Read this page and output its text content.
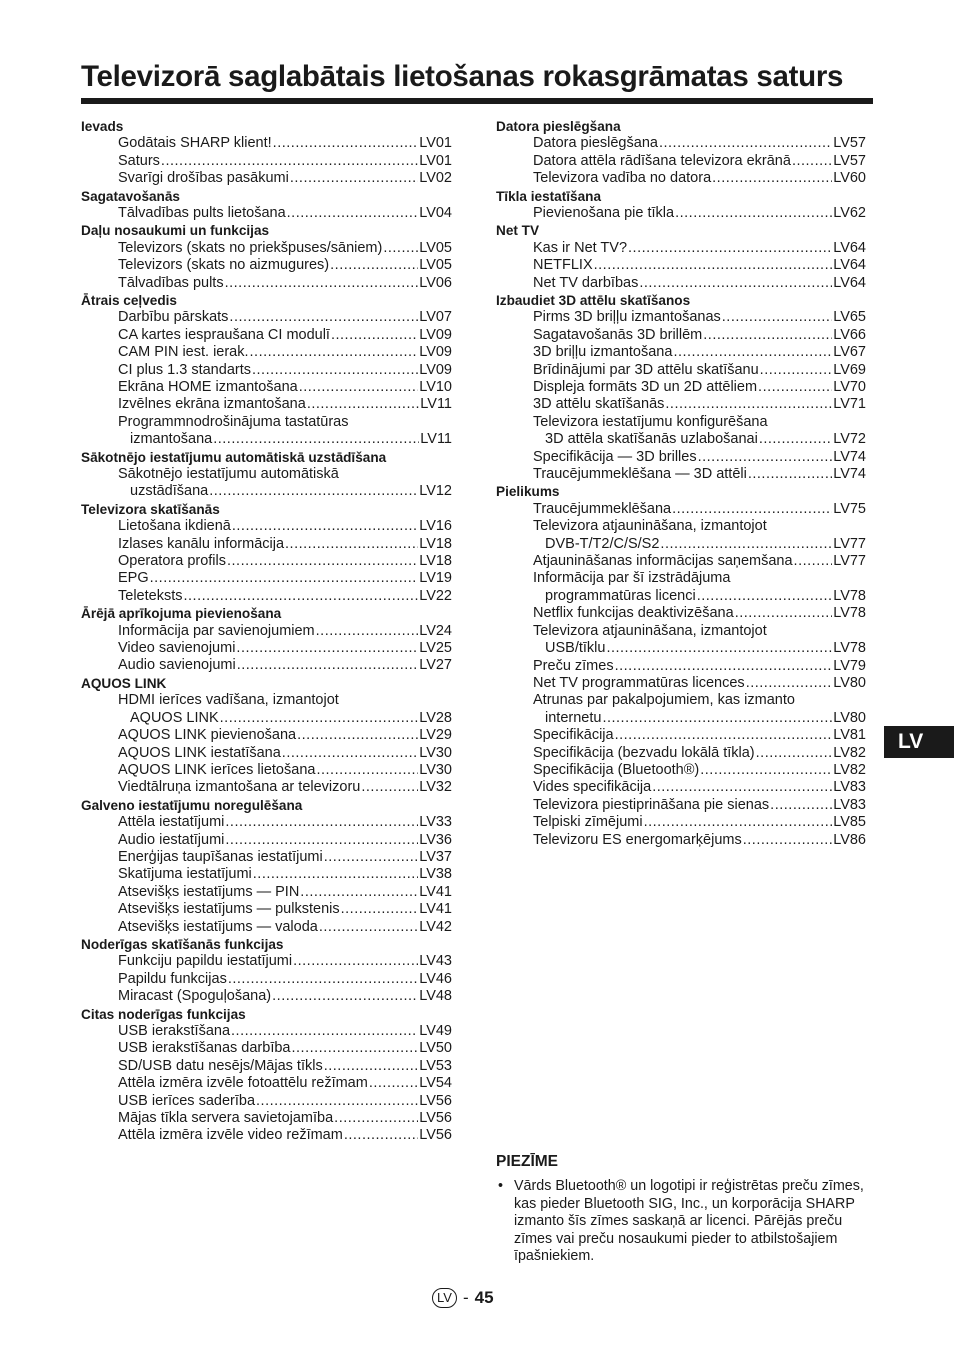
Televizorā saglabātais lietošanas rokasgrāmatas saturs
Ievads
Godātais SHARP klient! .....	LV01
Saturs .....	LV01
Svarīgi drošības pasākumi .....	LV02
Sagatavošanās
Tālvadības pults lietošana .....	LV04
Daļu nosaukumi un funkcijas
Televizors (skats no priekšpuses/sāniem) .....	LV05
Televizors (skats no aizmugures) .....	LV05
Tālvadības pults .....	LV06
Ātrais ceļvedis
Darbību pārskats .....	LV07
CA kartes iespraušana CI modulī .....	LV09
CAM PIN iest. ierak. .....	LV09
CI plus 1.3 standarts .....	LV09
Ekrāna HOME izmantošana .....	LV10
Izvēlnes ekrāna izmantošana .....	LV11
Programmnodrošinājuma tastatūras
izmantošana .....	LV11
Sākotnējo iestatījumu automātiskā uzstādīšana
Sākotnējo iestatījumu automātiskā
uzstādīšana .....	LV12
Televizora skatīšanās
Lietošana ikdienā .....	LV16
Izlases kanālu informācija .....	LV18
Operatora profils .....	LV18
EPG .....	LV19
Teleteksts .....	LV22
Ārējā aprīkojuma pievienošana
Informācija par savienojumiem .....	LV24
Video savienojumi .....	LV25
Audio savienojumi .....	LV27
AQUOS LINK
HDMI ierīces vadīšana, izmantojot
AQUOS LINK .....	LV28
AQUOS LINK pievienošana .....	LV29
AQUOS LINK iestatīšana .....	LV30
AQUOS LINK ierīces lietošana .....	LV30
Viedtālruņa izmantošana ar televizoru .....	LV32
Galveno iestatījumu noregulēšana
Attēla iestatījumi .....	LV33
Audio iestatījumi .....	LV36
Enerģijas taupīšanas iestatījumi .....	LV37
Skatījuma iestatījumi .....	LV38
Atsevišķs iestatījums — PIN .....	LV41
Atsevišķs iestatījums — pulkstenis .....	LV41
Atsevišķs iestatījums — valoda .....	LV42
Noderīgas skatīšanās funkcijas
Funkciju papildu iestatījumi .....	LV43
Papildu funkcijas .....	LV46
Miracast (Spoguļošana) .....	LV48
Citas noderīgas funkcijas
USB ierakstīšana .....	LV49
USB ierakstīšanas darbība .....	LV50
SD/USB datu nesējs/Mājas tīkls .....	LV53
Attēla izmēra izvēle fotoattēlu režīmam .....	LV54
USB ierīces saderība .....	LV56
Mājas tīkla servera savietojamība .....	LV56
Attēla izmēra izvēle video režīmam .....	LV56
Datora pieslēgšana
Datora pieslēgšana .....	LV57
Datora attēla rādīšana televizora ekrānā .....	LV57
Televizora vadība no datora .....	LV60
Tīkla iestatīšana
Pievienošana pie tīkla .....	LV62
Net TV
Kas ir Net TV? .....	LV64
NETFLIX .....	LV64
Net TV darbības .....	LV64
Izbaudiet 3D attēlu skatīšanos
Pirms 3D briļļu izmantošanas .....	LV65
Sagatavošanās 3D brillēm .....	LV66
3D briļļu izmantošana .....	LV67
Brīdinājumi par 3D attēlu skatīšanu .....	LV69
Displeja formāts 3D un 2D attēliem .....	LV70
3D attēlu skatīšanās .....	LV71
Televizora iestatījumu konfigurēšana
3D attēla skatīšanās uzlabošanai .....	LV72
Specifikācija — 3D brilles .....	LV74
Traucējummeklēšana — 3D attēli .....	LV74
Pielikums
Traucējummeklēšana .....	LV75
Televizora atjaunināšana, izmantojot
DVB-T/T2/C/S/S2 .....	LV77
Atjaunināšanas informācijas saņemšana .....	LV77
Informācija par šī izstrādājuma
programmatūras licenci .....	LV78
Netflix funkcijas deaktivizēšana .....	LV78
Televizora atjaunināšana, izmantojot
USB/tīklu .....	LV78
Preču zīmes .....	LV79
Net TV programmatūras licences .....	LV80
Atrunas par pakalpojumiem, kas izmanto
internetu .....	LV80
Specifikācija .....	LV81
Specifikācija (bezvadu lokālā tīkla) .....	LV82
Specifikācija (Bluetooth®) .....	LV82
Vides specifikācija .....	LV83
Televizora piestiprināšana pie sienas .....	LV83
Telpiski zīmējumi .....	LV85
Televizoru ES energomarķējums .....	LV86
LV
PIEZĪME
• Vārds Bluetooth® un logotipi ir reģistrētas preču zīmes, kas pieder Bluetooth SIG, Inc., un korporācija SHARP izmanto šīs zīmes saskaņā ar licenci. Pārējās preču zīmes vai preču nosaukumi pieder to atbilstošajiem īpašniekiem.
LV - 45
